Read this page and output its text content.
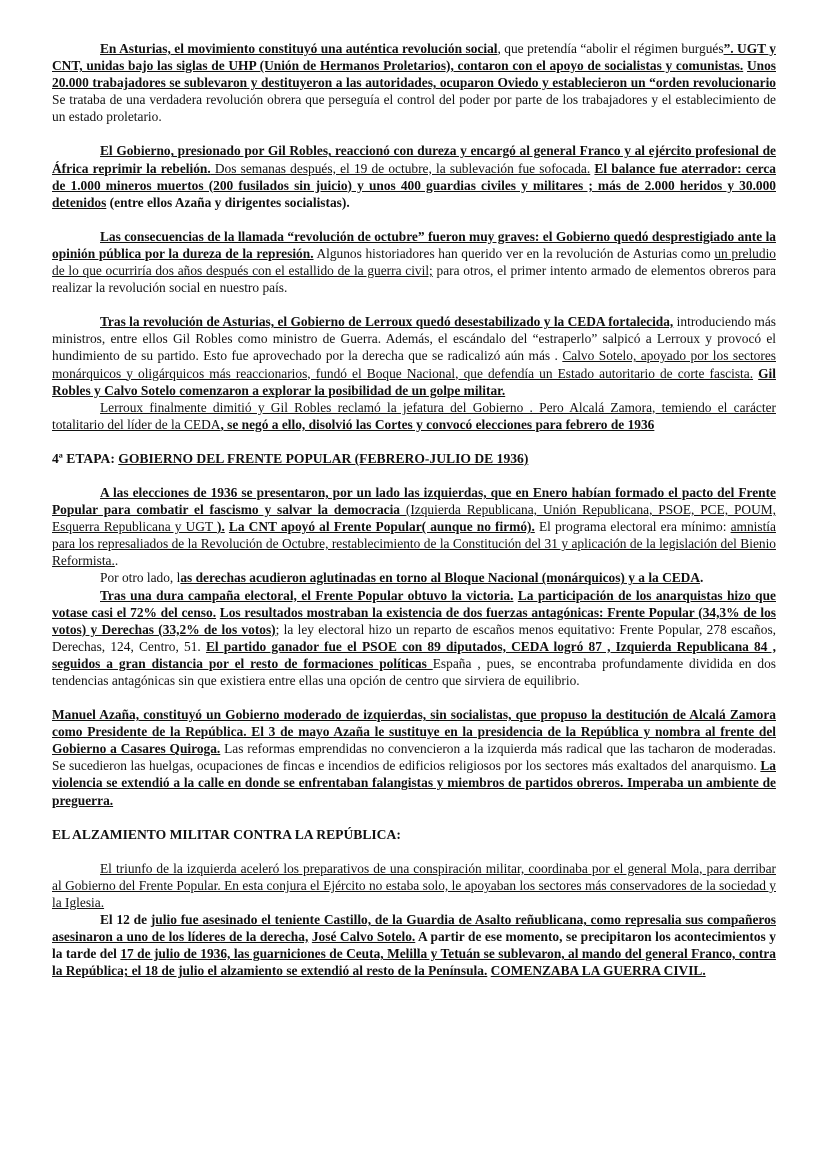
En Asturias, el movimiento constituyó una auténtica revolución social, que pretendía “abolir el régimen burgués”. UGT y CNT, unidas bajo las siglas de UHP (Unión de Hermanos Proletarios), contaron con el apoyo de socialistas y comunistas. Unos 20.000 trabajadores se sublevaron y destituyeron a las autoridades, ocuparon Oviedo y establecieron un “orden revolucionario Se trataba de una verdadera revolución obrera que perseguía el control del poder por parte de los trabajadores y el establecimiento de un estado proletario.

El Gobierno, presionado por Gil Robles, reaccionó con dureza y encargó al general Franco y al ejército profesional de África reprimir la rebelión. Dos semanas después, el 19 de octubre, la sublevación fue sofocada. El balance fue aterrador: cerca de 1.000 mineros muertos (200 fusilados sin juicio) y unos 400 guardias civiles y militares ; más de 2.000 heridos y 30.000 detenidos (entre ellos Azaña y dirigentes socialistas).

Las consecuencias de la llamada “revolución de octubre” fueron muy graves: el Gobierno quedó desprestigiado ante la opinión pública por la dureza de la represión. Algunos historiadores han querido ver en la revolución de Asturias como un preludio de lo que ocurriría dos años después con el estallido de la guerra civil; para otros, el primer intento armado de elementos obreros para realizar la revolución social en nuestro país.

Tras la revolución de Asturias, el Gobierno de Lerroux quedó desestabilizado y la CEDA fortalecida, introduciendo más ministros, entre ellos Gil Robles como ministro de Guerra. Además, el escándalo del “estraperlo” salpicó a Lerroux y provocó el hundimiento de su partido. Esto fue aprovechado por la derecha que se radicalizó aún más . Calvo Sotelo, apoyado por los sectores monárquicos y oligárquicos más reaccionarios, fundó el Boque Nacional, que defendía un Estado autoritario de corte fascista. Gil Robles y Calvo Sotelo comenzaron a explorar la posibilidad de un golpe militar.

Lerroux finalmente dimitió y Gil Robles reclamó la jefatura del Gobierno . Pero Alcalá Zamora, temiendo el carácter totalitario del líder de la CEDA, se negó a ello, disolvió las Cortes y convocó elecciones para febrero de 1936

4ª ETAPA: GOBIERNO DEL FRENTE POPULAR (FEBRERO-JULIO DE 1936)

A las elecciones de 1936 se presentaron, por un lado las izquierdas, que en Enero habían formado el pacto del Frente Popular para combatir el fascismo y salvar la democracia (Izquierda Republicana, Unión Republicana, PSOE, PCE, POUM, Esquerra Republicana y UGT ). La CNT apoyó al Frente Popular( aunque no firmó). El programa electoral era mínimo: amnistía para los represaliados de la Revolución de Octubre, restablecimiento de la Constitución del 31 y aplicación de la legislación del Bienio Reformista..

Por otro lado, las derechas acudieron aglutinadas en torno al Bloque Nacional (monárquicos) y a la CEDA.

Tras una dura campaña electoral, el Frente Popular obtuvo la victoria. La participación de los anarquistas hizo que votase casi el 72% del censo. Los resultados mostraban la existencia de dos fuerzas antagónicas: Frente Popular (34,3% de los votos) y Derechas (33,2% de los votos); la ley electoral hizo un reparto de escaños menos equitativo: Frente Popular, 278 escaños, Derechas, 124, Centro, 51. El partido ganador fue el PSOE con 89 diputados, CEDA logró 87 , Izquierda Republicana 84 , seguidos a gran distancia por el resto de formaciones políticas España , pues, se encontraba profundamente dividida en dos tendencias antagónicas sin que existiera entre ellas una opción de centro que sirviera de equilibrio.

Manuel Azaña, constituyó un Gobierno moderado de izquierdas, sin socialistas, que propuso la destitución de Alcalá Zamora como Presidente de la República. El 3 de mayo Azaña le sustituye en la presidencia de la República y nombra al frente del Gobierno a Casares Quiroga. Las reformas emprendidas no convencieron a la izquierda más radical que las tacharon de moderadas. Se sucedieron las huelgas, ocupaciones de fincas e incendios de edificios religiosos por los sectores más exaltados del anarquismo. La violencia se extendió a la calle en donde se enfrentaban falangistas y miembros de partidos obreros. Imperaba un ambiente de preguerra.

EL ALZAMIENTO MILITAR CONTRA LA REPÚBLICA:

El triunfo de la izquierda aceleró los preparativos de una conspiración militar, coordinaba por el general Mola, para derribar al Gobierno del Frente Popular. En esta conjura el Ejército no estaba solo, le apoyaban los sectores más conservadores de la sociedad y la Iglesia.

El 12 de julio fue asesinado el teniente Castillo, de la Guardia de Asalto reñublicana, como represalia sus compañeros asesinaron a uno de los líderes de la derecha, José Calvo Sotelo. A partir de ese momento, se precipitaron los acontecimientos y la tarde del 17 de julio de 1936, las guarniciones de Ceuta, Melilla y Tetuán se sublevaron, al mando del general Franco, contra la República; el 18 de julio el alzamiento se extendió al resto de la Península. COMENZABA LA GUERRA CIVIL.
